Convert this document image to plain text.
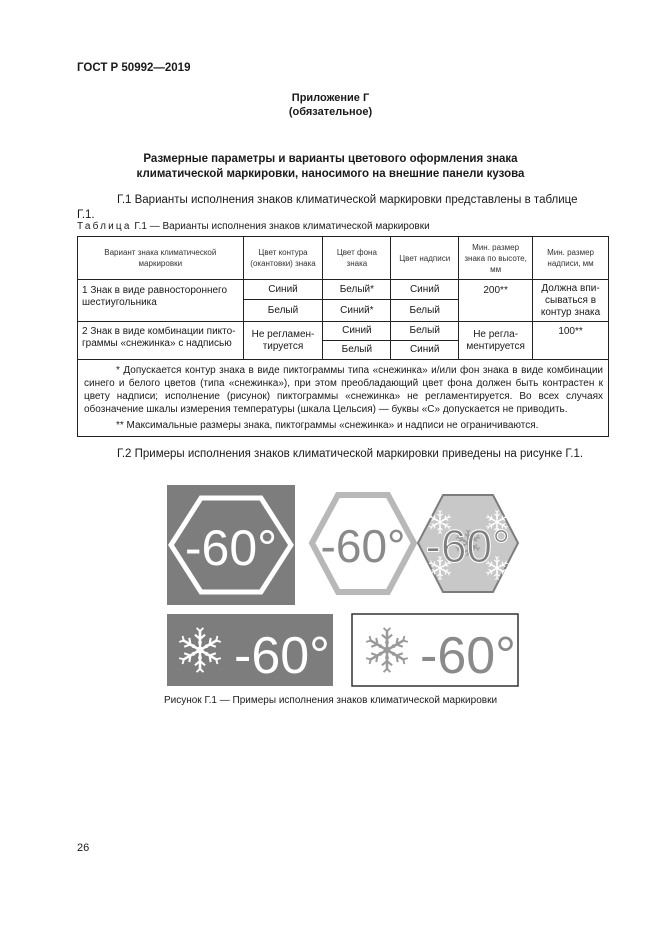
ГОСТ Р 50992—2019
Приложение Г
(обязательное)
Размерные параметры и варианты цветового оформления знака
климатической маркировки, наносимого на внешние панели кузова
Г.1 Варианты исполнения знаков климатической маркировки представлены в таблице Г.1.
Таблица Г.1 — Варианты исполнения знаков климатической маркировки
Вариант знака климатической маркировки	Цвет контура (окантовки) знака	Цвет фона знака	Цвет надписи	Мин. размер знака по высоте, мм	Мин. размер надписи, мм
1 Знак в виде равностороннего шестиугольника	Синий	Белый*	Синий	200**	Должна впи-сываться в контур знака
	Белый	Синий*	Белый		
2 Знак в виде комбинации пикто-граммы «снежинка» с надписью	Не регламен-тируется	Синий	Белый	Не регла-ментируется	100**
		Белый	Синий		

* Допускается контур знака в виде пиктограммы типа «снежинка» и/или фон знака в виде комбинации синего и белого цветов (типа «снежинка»), при этом преобладающий цвет фона должен быть контрастен к цвету надписи; исполнение (рисунок) пиктограммы «снежинка» не регламентируется. Во всех случаях обозначение шкалы измерения температуры (шкала Цельсия) — буквы «С» допускается не приводить.

** Максимальные размеры знака, пиктограммы «снежинка» и надписи не ограничиваются.					

Г.2 Примеры исполнения знаков климатической маркировки приведены на рисунке Г.1.
-60° -60° -60°
-60° -60°
Рисунок Г.1 — Примеры исполнения знаков климатической маркировки
26
